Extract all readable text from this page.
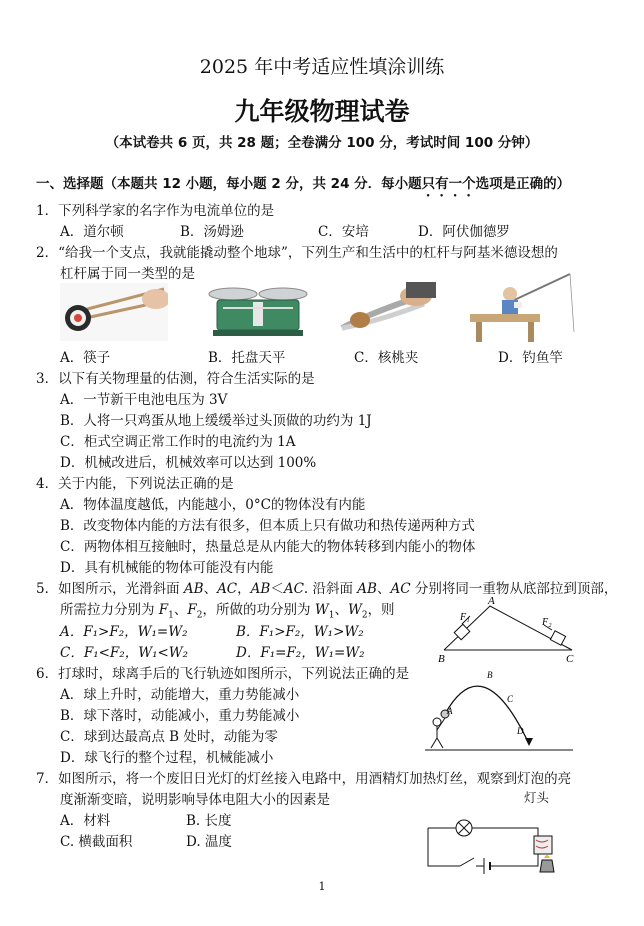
2025 年中考适应性填涂训练
九年级物理试卷
（本试卷共 6 页，共 28 题；全卷满分 100 分，考试时间 100 分钟）
一、选择题（本题共 12 小题，每小题 2 分，共 24 分．每小题只有一个选项是正确的）
1．下列科学家的名字作为电流单位的是
A．道尔顿	B．汤姆逊	C．安培	D．阿伏伽德罗
2．“给我一个支点，我就能撬动整个地球”，下列生产和生活中的杠杆与阿基米德设想的
杠杆属于同一类型的是
A．筷子	B．托盘天平	C．核桃夹	D．钓鱼竿
3．以下有关物理量的估测，符合生活实际的是
A．一节新干电池电压为 3V
B．人将一只鸡蛋从地上缓缓举过头顶做的功约为 1J
C．柜式空调正常工作时的电流约为 1A
D．机械改进后，机械效率可以达到 100%
4．关于内能，下列说法正确的是
A．物体温度越低，内能越小，0°C的物体没有内能
B．改变物体内能的方法有很多，但本质上只有做功和热传递两种方式
C．两物体相互接触时，热量总是从内能大的物体转移到内能小的物体
D．具有机械能的物体可能没有内能
5．如图所示，光滑斜面 AB、AC，AB＜AC. 沿斜面 AB、AC 分别将同一重物从底部拉到顶部，
所需拉力分别为 $F_1$、$F_2$，所做的功分别为 $W_1$、$W_2$，则
A．F₁>F₂，W₁=W₂	B．F₁>F₂，W₁>W₂
C．F₁<F₂，W₁<W₂	D．F₁=F₂，W₁=W₂
A
B	C
F₁	F₂
6．打球时，球离手后的飞行轨迹如图所示，下列说法正确的是
A．球上升时，动能增大，重力势能减小
B．球下落时，动能减小，重力势能减小
C．球到达最高点 B 处时，动能为零
D．球飞行的整个过程，机械能减小
A
B
C
D
7．如图所示，将一个废旧日光灯的灯丝接入电路中，用酒精灯加热灯丝，观察到灯泡的亮
度渐渐变暗，说明影响导体电阻大小的因素是
A．材料	B. 长度
C. 横截面积	D. 温度
灯头
1
